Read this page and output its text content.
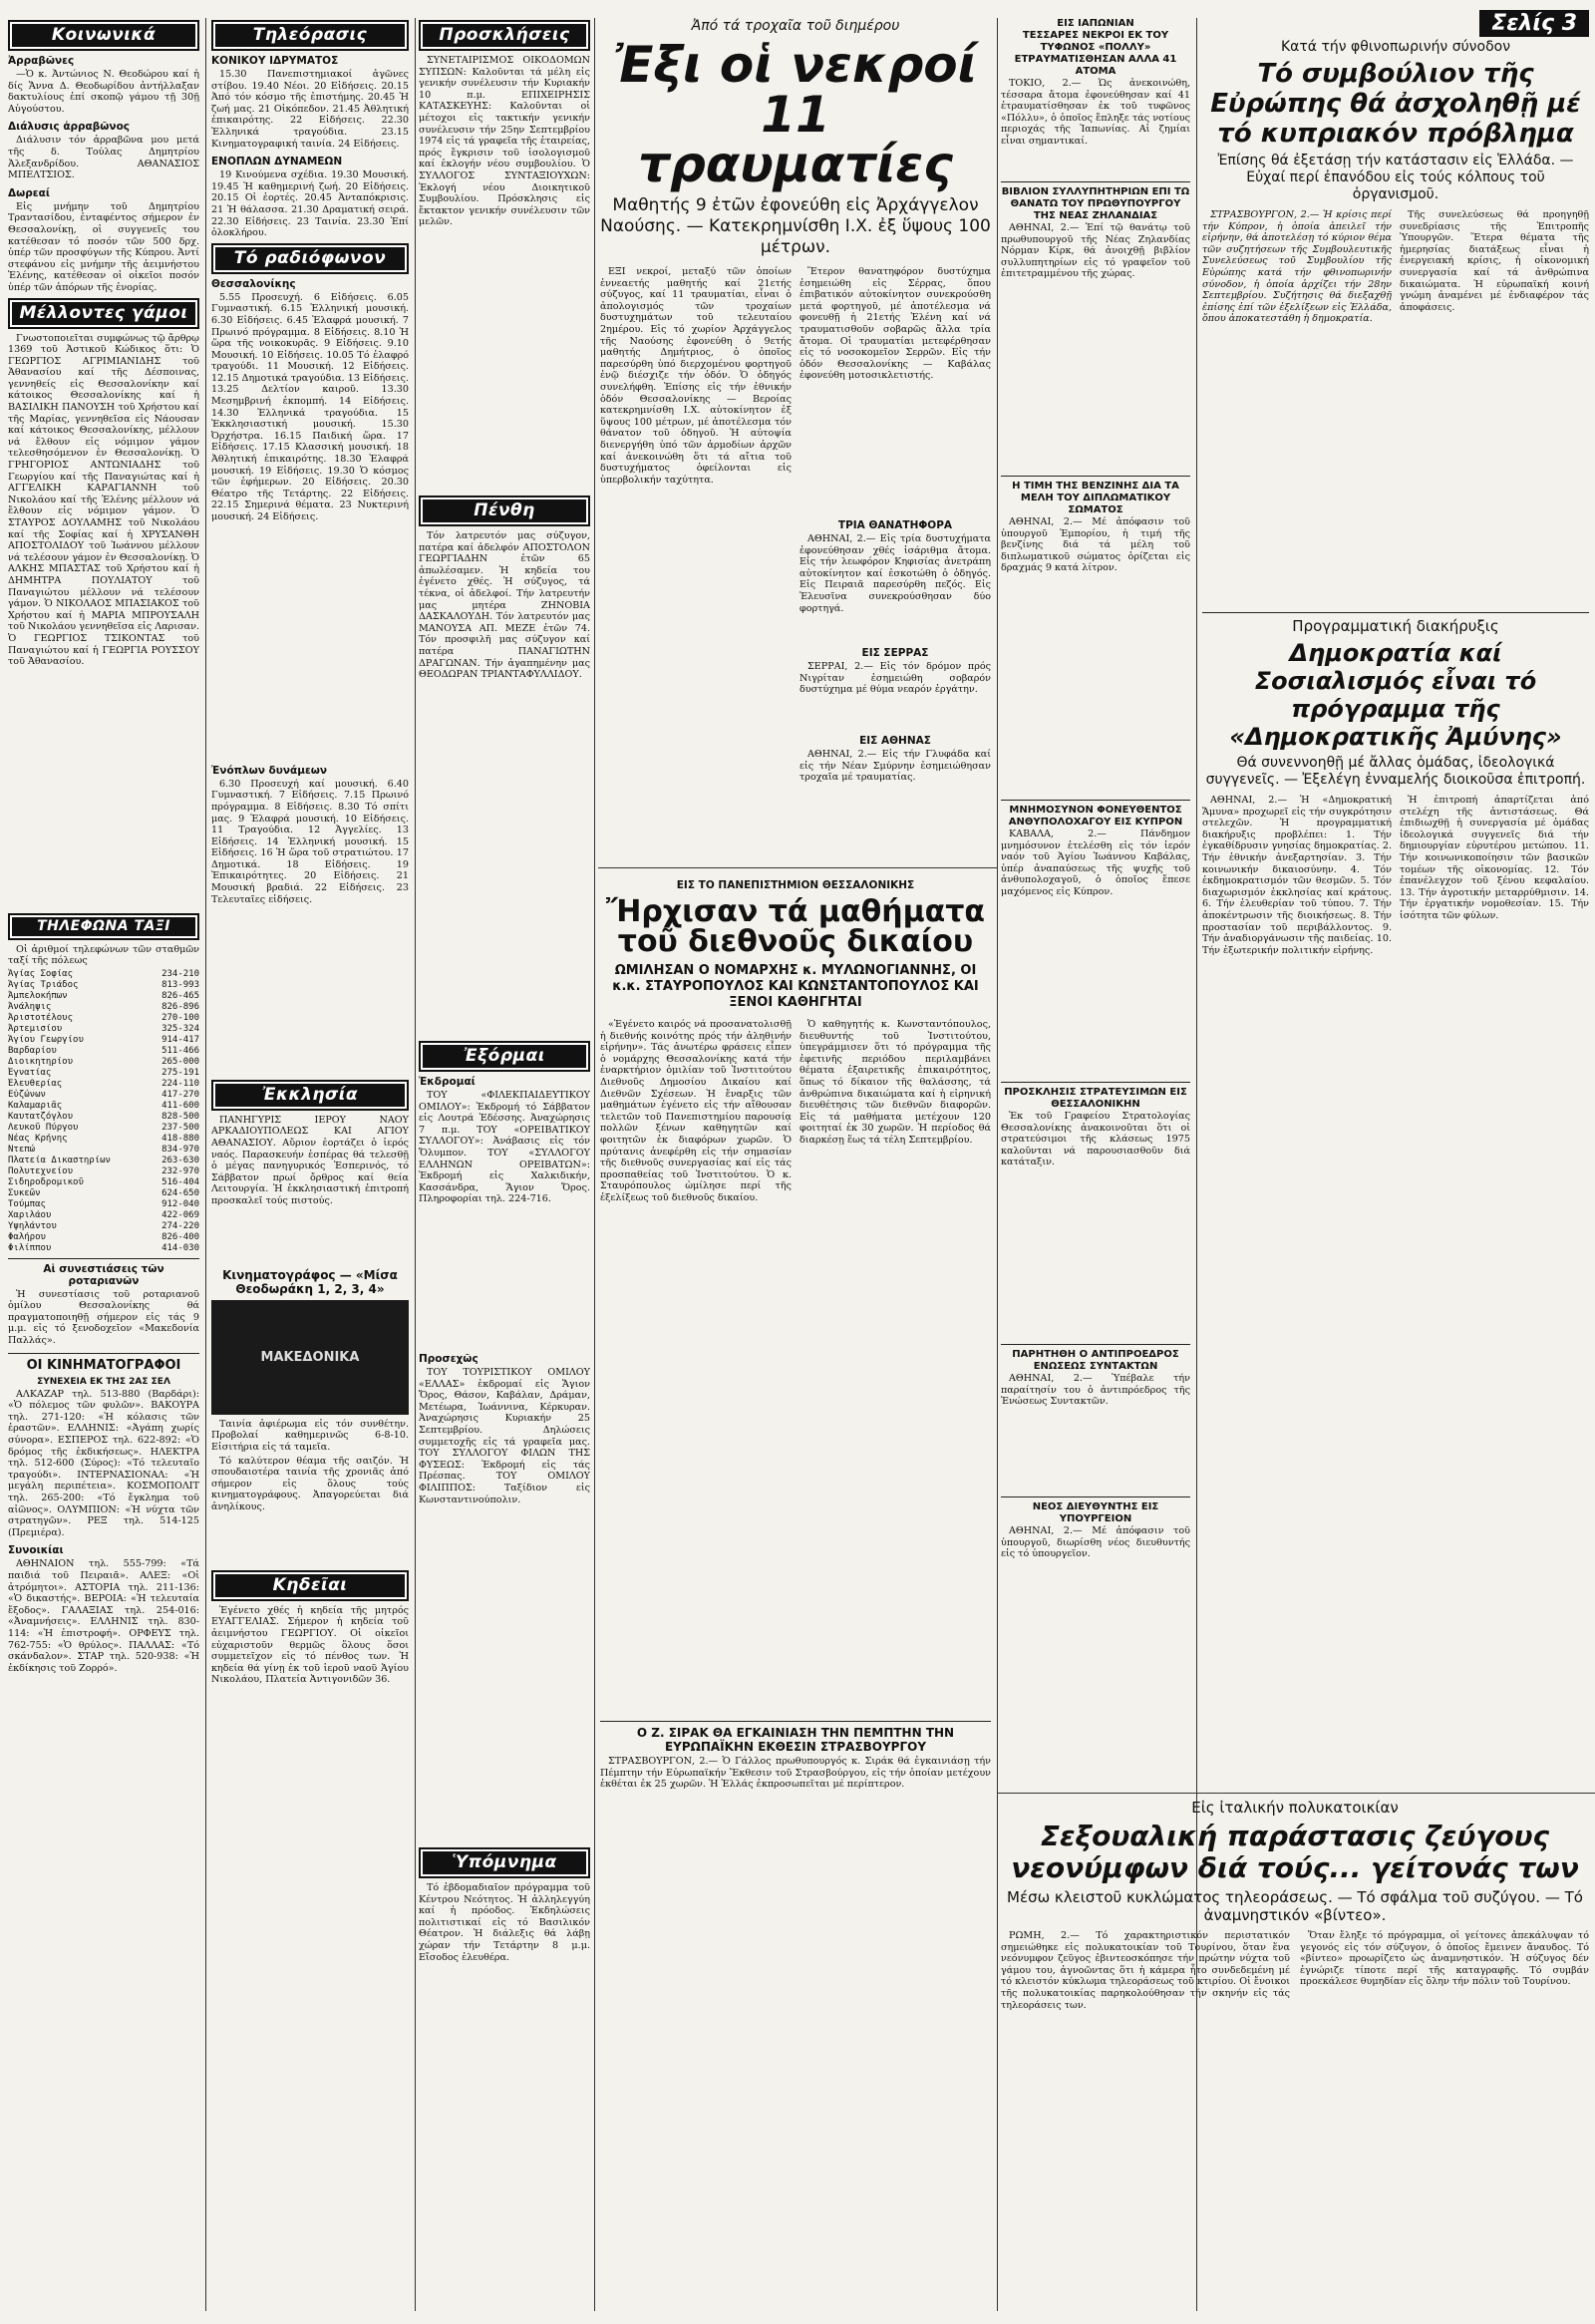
Κοινωνικά
Ἀρραβῶνες

—Ὁ κ. Ἀντώνιος Ν. Θεοδώρου καί ἡ δίς Ἄννα Δ. Θεοδωρίδου ἀντήλλαξαν δακτυλίους ἐπί σκοπῷ γάμου τῇ 30ῇ Αὐγούστου.

Διάλυσις ἀρραβῶνος

Διάλυσιν τόν ἀρραβῶνα μου μετά τῆς δ. Τούλας Δημητρίου Ἀλεξανδρίδου. ΑΘΑΝΑΣΙΟΣ ΜΠΕΛΤΣΙΟΣ.

Δωρεαί

Εἰς μνήμην τοῦ Δημητρίου Τραντασίδου, ἐνταφέντος σήμερον ἐν Θεσσαλονίκῃ, οἱ συγγενεῖς του κατέθεσαν τό ποσόν τῶν 500 δρχ. ὑπέρ τῶν προσφύγων τῆς Κύπρου. Ἀντί στεφάνου εἰς μνήμην τῆς ἀειμνήστου Ἑλένης, κατέθεσαν οἱ οἰκεῖοι ποσόν ὑπέρ τῶν ἀπόρων τῆς ἐνορίας.

Μέλλοντες γάμοι

Γνωστοποιεῖται συμφώνως τῷ ἄρθρῳ 1369 τοῦ Ἀστικοῦ Κώδικος ὅτι: Ὁ ΓΕΩΡΓΙΟΣ ΑΓΡΙΜΙΑΝΙΔΗΣ τοῦ Ἀθανασίου καί τῆς Δέσποινας, γεννηθείς εἰς Θεσσαλονίκην καί κάτοικος Θεσσαλονίκης καί ἡ ΒΑΣΙΛΙΚΗ ΠΑΝΟΥΣΗ τοῦ Χρήστου καί τῆς Μαρίας, γεννηθεῖσα εἰς Νάουσαν καί κάτοικος Θεσσαλονίκης, μέλλουν νά ἔλθουν εἰς νόμιμον γάμον τελεσθησόμενον ἐν Θεσσαλονίκῃ. Ὁ ΓΡΗΓΟΡΙΟΣ ΑΝΤΩΝΙΑΔΗΣ τοῦ Γεωργίου καί τῆς Παναγιώτας καί ἡ ΑΓΓΕΛΙΚΗ ΚΑΡΑΓΙΑΝΝΗ τοῦ Νικολάου καί τῆς Ἑλένης μέλλουν νά ἔλθουν εἰς νόμιμον γάμον. Ὁ ΣΤΑΥΡΟΣ ΔΟΥΛΑΜΗΣ τοῦ Νικολάου καί τῆς Σοφίας καί ἡ ΧΡΥΣΑΝΘΗ ΑΠΟΣΤΟΛΙΔΟΥ τοῦ Ἰωάννου μέλλουν νά τελέσουν γάμον ἐν Θεσσαλονίκῃ. Ὁ ΑΛΚΗΣ ΜΠΑΣΤΑΣ τοῦ Χρήστου καί ἡ ΔΗΜΗΤΡΑ ΠΟΥΛΙΑΤΟΥ τοῦ Παναγιώτου μέλλουν νά τελέσουν γάμον. Ὁ ΝΙΚΟΛΑΟΣ ΜΠΑΣΙΑΚΟΣ τοῦ Χρήστου καί ἡ ΜΑΡΙΑ ΜΠΡΟΥΣΑΛΗ τοῦ Νικολάου γεννηθεῖσα εἰς Λαρισαν. Ὁ ΓΕΩΡΓΙΟΣ ΤΣΙΚΟΝΤΑΣ τοῦ Παναγιώτου καί ἡ ΓΕΩΡΓΙΑ ΡΟΥΣΣΟΥ τοῦ Ἀθανασίου.

ΤΗΛΕΦΩΝΑ ΤΑΞΙ

Οἱ ἀριθμοί τηλεφώνων τῶν σταθμῶν ταξί τῆς πόλεως

Ἁγίας Σοφίας	234-210
Ἁγίας Τριάδος	813-993
Ἀμπελοκήπων	826-465
Ἀνάληψις	826-896
Ἀριστοτέλους	270-100
Ἀρτεμισίου	325-324
Ἁγίου Γεωργίου	914-417
Βαρδαρίου	511-466
Διοικητηρίου	265-000
Ἐγνατίας	275-191
Ἐλευθερίας	224-110
Εὐζώνων	417-270
Καλαμαριᾶς	411-600
Καυτατζόγλου	828-500
Λευκοῦ Πύργου	237-500
Νέας Κρήνης	418-880
Ντεπώ	834-970
Πλατεία Δικαστηρίων	263-630
Πολυτεχνείου	232-970
Σιδηροδρομικοῦ	516-404
Συκεῶν	624-650
Τούμπας	912-040
Χαριλάου	422-069
Ὑψηλάντου	274-220
Φαλήρου	826-400
Φιλίππου	414-030
Αἱ συνεστιάσεις τῶν ροταριανῶν

Ἡ συνεστίασις τοῦ ροταριανοῦ ὁμίλου Θεσσαλονίκης θά πραγματοποιηθῇ σήμερον εἰς τάς 9 μ.μ. εἰς τό ξενοδοχεῖον «Μακεδονία Παλλάς».

ΟΙ ΚΙΝΗΜΑΤΟΓΡΑΦΟΙ
ΣΥΝΕΧΕΙΑ ΕΚ ΤΗΣ 2ΑΣ ΣΕΛ

ΑΛΚΑΖΑΡ τηλ. 513-880 (Βαρδάρι): «Ὁ πόλεμος τῶν φυλῶν». ΒΑΚΟΥΡΑ τηλ. 271-120: «Ἡ κόλασις τῶν ἐραστῶν». ΕΛΛΗΝΙΣ: «Ἀγάπη χωρίς σύνορα». ΕΣΠΕΡΟΣ τηλ. 622-892: «Ὁ δρόμος τῆς ἐκδικήσεως». ΗΛΕΚΤΡΑ τηλ. 512-600 (Σύρος): «Τό τελευταῖο τραγούδι». ΙΝΤΕΡΝΑΣΙΟΝΑΛ: «Ἡ μεγάλη περιπέτεια». ΚΟΣΜΟΠΟΛΙΤ τηλ. 265-200: «Τό ἔγκλημα τοῦ αἰῶνος». ΟΛΥΜΠΙΟΝ: «Ἡ νύχτα τῶν στρατηγῶν». ΡΕΞ τηλ. 514-125 (Πρεμιέρα).

Συνοικίαι

ΑΘΗΝΑΙΟΝ τηλ. 555-799: «Τά παιδιά τοῦ Πειραιᾶ». ΑΛΕΞ: «Οἱ ἀτρόμητοι». ΑΣΤΟΡΙΑ τηλ. 211-136: «Ὁ δικαστής». ΒΕΡΟΙΑ: «Ἡ τελευταία ἔξοδος». ΓΑΛΑΞΙΑΣ τηλ. 254-016: «Ἀναμνήσεις». ΕΛΛΗΝΙΣ τηλ. 830-114: «Ἡ ἐπιστροφή». ΟΡΦΕΥΣ τηλ. 762-755: «Ὁ θρύλος». ΠΑΛΛΑΣ: «Τό σκάνδαλον». ΣΤΑΡ τηλ. 520-938: «Ἡ ἐκδίκησις τοῦ Ζορρό».

Τηλεόρασις
ΚΟΝΙΚΟΥ ΙΔΡΥΜΑΤΟΣ

15.30 Πανεπιστημιακοί ἀγῶνες στίβου. 19.40 Νέοι. 20 Εἰδήσεις. 20.15 Ἀπό τόν κόσμο τῆς ἐπιστήμης. 20.45 Ἡ ζωή μας. 21 Οἰκόπεδον. 21.45 Ἀθλητική ἐπικαιρότης. 22 Εἰδήσεις. 22.30 Ἑλληνικά τραγούδια. 23.15 Κινηματογραφική ταινία. 24 Εἰδήσεις.

ΕΝΟΠΛΩΝ ΔΥΝΑΜΕΩΝ

19 Κινούμενα σχέδια. 19.30 Μουσική. 19.45 Ἡ καθημερινή ζωή. 20 Εἰδήσεις. 20.15 Οἱ ἐορτές. 20.45 Ἀνταπόκρισις. 21 Ἡ θάλασσα. 21.30 Δραματική σειρά. 22.30 Εἰδήσεις. 23 Ταινία. 23.30 Ἐπί ὁλοκλήρου.

Τό ραδιόφωνον
Θεσσαλονίκης

5.55 Προσευχή. 6 Εἰδήσεις. 6.05 Γυμναστική. 6.15 Ἑλληνική μουσική. 6.30 Εἰδήσεις. 6.45 Ἐλαφρά μουσική. 7 Πρωινό πρόγραμμα. 8 Εἰδήσεις. 8.10 Ἡ ὥρα τῆς νοικοκυρᾶς. 9 Εἰδήσεις. 9.10 Μουσική. 10 Εἰδήσεις. 10.05 Τό ἐλαφρό τραγούδι. 11 Μουσική. 12 Εἰδήσεις. 12.15 Δημοτικά τραγούδια. 13 Εἰδήσεις. 13.25 Δελτίον καιροῦ. 13.30 Μεσημβρινή ἐκπομπή. 14 Εἰδήσεις. 14.30 Ἑλληνικά τραγούδια. 15 Ἐκκλησιαστική μουσική. 15.30 Ὀρχήστρα. 16.15 Παιδική ὥρα. 17 Εἰδήσεις. 17.15 Κλασσική μουσική. 18 Ἀθλητική ἐπικαιρότης. 18.30 Ἐλαφρά μουσική. 19 Εἰδήσεις. 19.30 Ὁ κόσμος τῶν ἐφήμερων. 20 Εἰδήσεις. 20.30 Θέατρο τῆς Τετάρτης. 22 Εἰδήσεις. 22.15 Σημερινά θέματα. 23 Νυκτερινή μουσική. 24 Εἰδήσεις.

Ἐνόπλων δυνάμεων

6.30 Προσευχή καί μουσική. 6.40 Γυμναστική. 7 Εἰδήσεις. 7.15 Πρωινό πρόγραμμα. 8 Εἰδήσεις. 8.30 Τό σπίτι μας. 9 Ἐλαφρά μουσική. 10 Εἰδήσεις. 11 Τραγούδια. 12 Ἀγγελίες. 13 Εἰδήσεις. 14 Ἑλληνική μουσική. 15 Εἰδήσεις. 16 Ἡ ὥρα τοῦ στρατιώτου. 17 Δημοτικά. 18 Εἰδήσεις. 19 Ἐπικαιρότητες. 20 Εἰδήσεις. 21 Μουσική βραδιά. 22 Εἰδήσεις. 23 Τελευταῖες εἰδήσεις.

Ἐκκλησία

ΠΑΝΗΓΥΡΙΣ ΙΕΡΟΥ ΝΑΟΥ ΑΡΚΑΔΙΟΥΠΟΛΕΩΣ ΚΑΙ ΑΓΙΟΥ ΑΘΑΝΑΣΙΟΥ. Αὔριον ἑορτάζει ὁ ἱερός ναός. Παρασκευήν ἑσπέρας θά τελεσθῇ ὁ μέγας πανηγυρικός Ἑσπερινός, τό Σάββατον πρωί ὄρθρος καί θεία Λειτουργία. Ἡ ἐκκλησιαστική ἐπιτροπή προσκαλεῖ τούς πιστούς.

Κινηματογράφος — «Μίσα Θεοδωράκη 1, 2, 3, 4»
ΜΑΚΕΔΟΝΙΚΑ

Ταινία ἀφιέρωμα εἰς τόν συνθέτην. Προβολαί καθημερινῶς 6-8-10. Εἰσιτήρια εἰς τά ταμεῖα.

Τό καλύτερον θέαμα τῆς σαιζόν. Ἡ σπουδαιοτέρα ταινία τῆς χρονιᾶς ἀπό σήμερον εἰς ὅλους τούς κινηματογράφους. Ἀπαγορεύεται διά ἀνηλίκους.

Κηδεῖαι

Ἐγένετο χθές ἡ κηδεία τῆς μητρός ΕΥΑΓΓΕΛΙΑΣ. Σήμερον ἡ κηδεία τοῦ ἀειμνήστου ΓΕΩΡΓΙΟΥ. Οἱ οἰκεῖοι εὐχαριστοῦν θερμῶς ὅλους ὅσοι συμμετεῖχον εἰς τό πένθος των. Ἡ κηδεία θά γίνῃ ἐκ τοῦ ἱεροῦ ναοῦ Ἁγίου Νικολάου, Πλατεία Ἀντιγονιδῶν 36.

Προσκλήσεις

ΣΥΝΕΤΑΙΡΙΣΜΟΣ ΟΙΚΟΔΟΜΩΝ ΣΥΠΣΩΝ: Καλοῦνται τά μέλη εἰς γενικήν συνέλευσιν τήν Κυριακήν 10 π.μ. ΕΠΙΧΕΙΡΗΣΙΣ ΚΑΤΑΣΚΕΥΗΣ: Καλοῦνται οἱ μέτοχοι εἰς τακτικήν γενικήν συνέλευσιν τήν 25ην Σεπτεμβρίου 1974 εἰς τά γραφεῖα τῆς ἑταιρείας, πρός ἔγκρισιν τοῦ ἰσολογισμοῦ καί ἐκλογήν νέου συμβουλίου. Ὁ ΣΥΛΛΟΓΟΣ ΣΥΝΤΑΞΙΟΥΧΩΝ: Ἐκλογή νέου Διοικητικοῦ Συμβουλίου. Πρόσκλησις εἰς ἔκτακτον γενικήν συνέλευσιν τῶν μελῶν.

Πένθη

Τόν λατρευτόν μας σύζυγον, πατέρα καί ἀδελφόν ΑΠΟΣΤΟΛΟΝ ΓΕΩΡΓΙΑΔΗΝ ἐτῶν 65 ἀπωλέσαμεν. Ἡ κηδεία του ἐγένετο χθές. Ἡ σύζυγος, τά τέκνα, οἱ ἀδελφοί. Τήν λατρευτήν μας μητέρα ΖΗΝΟΒΙΑ ΔΑΣΚΑΛΟΥΔΗ. Τόν λατρευτόν μας ΜΑΝΟΥΣΑ ΑΠ. ΜΕΖΕ ἐτῶν 74. Τόν προσφιλῆ μας σύζυγον καί πατέρα ΠΑΝΑΓΙΩΤΗΝ ΔΡΑΓΩΝΑΝ. Τήν ἀγαπημένην μας ΘΕΟΔΩΡΑΝ ΤΡΙΑΝΤΑΦΥΛΛΙΔΟΥ.

Ἐξόρμαι
Ἐκδρομαί

ΤΟΥ «ΦΙΛΕΚΠΑΙΔΕΥΤΙΚΟΥ ΟΜΙΛΟΥ»: Ἐκδρομή τό Σάββατον εἰς Λουτρά Ἐδέσσης. Ἀναχώρησις 7 π.μ. ΤΟΥ «ΟΡΕΙΒΑΤΙΚΟΥ ΣΥΛΛΟΓΟΥ»: Ἀνάβασις εἰς τόν Ὄλυμπον. ΤΟΥ «ΣΥΛΛΟΓΟΥ ΕΛΛΗΝΩΝ ΟΡΕΙΒΑΤΩΝ»: Ἐκδρομή εἰς Χαλκιδικήν, Κασσάνδρα, Ἅγιον Ὄρος. Πληροφορίαι τηλ. 224-716.

Προσεχῶς

ΤΟΥ ΤΟΥΡΙΣΤΙΚΟΥ ΟΜΙΛΟΥ «ΕΛΛΑΣ» ἐκδρομαί εἰς Ἄγιον Ὄρος, Θάσον, Καβάλαν, Δράμαν, Μετέωρα, Ἰωάννινα, Κέρκυραν. Ἀναχώρησις Κυριακήν 25 Σεπτεμβρίου. Δηλώσεις συμμετοχῆς εἰς τά γραφεῖα μας. ΤΟΥ ΣΥΛΛΟΓΟΥ ΦΙΛΩΝ ΤΗΣ ΦΥΣΕΩΣ: Ἐκδρομή εἰς τάς Πρέσπας. ΤΟΥ ΟΜΙΛΟΥ ΦΙΛΙΠΠΟΣ: Ταξίδιον εἰς Κωνσταντινούπολιν.

Ὑπόμνημα

Τό ἑβδομαδιαῖον πρόγραμμα τοῦ Κέντρου Νεότητος. Ἡ ἀλληλεγγύη καί ἡ πρόοδος. Ἐκδηλώσεις πολιτιστικαί εἰς τό Βασιλικόν Θέατρον. Ἡ διάλεξις θά λάβῃ χώραν τήν Τετάρτην 8 μ.μ. Εἴσοδος ἐλευθέρα.

Ἀπό τά τροχαῖα τοῦ διημέρου
Ἐξι οἱ νεκροί 11 τραυματίες
Μαθητής 9 ἐτῶν ἐφονεύθη εἰς Ἀρχάγγελον Ναούσης. — Κατεκρημνίσθη Ι.Χ. ἐξ ὕψους 100 μέτρων.

ΕΞΙ νεκροί, μεταξύ τῶν ὁποίων ἐννεαετής μαθητής καί 21ετής σύζυγος, καί 11 τραυματίαι, εἶναι ὁ ἀπολογισμός τῶν τροχαίων δυστυχημάτων τοῦ τελευταίου 2ημέρου. Εἰς τό χωρίον Ἀρχάγγελος τῆς Ναούσης ἐφονεύθη ὁ 9ετής μαθητής Δημήτριος, ὁ ὁποῖος παρεσύρθη ὑπό διερχομένου φορτηγοῦ ἐνῷ διέσχιζε τήν ὁδόν. Ὁ ὁδηγός συνελήφθη. Ἐπίσης εἰς τήν ἐθνικήν ὁδόν Θεσσαλονίκης — Βεροίας κατεκρημνίσθη Ι.Χ. αὐτοκίνητον ἐξ ὕψους 100 μέτρων, μέ ἀποτέλεσμα τόν θάνατον τοῦ ὁδηγοῦ. Ἡ αὐτοψία διενεργήθη ὑπό τῶν ἀρμοδίων ἀρχῶν καί ἀνεκοινώθη ὅτι τά αἴτια τοῦ δυστυχήματος ὀφείλονται εἰς ὑπερβολικήν ταχύτητα.

Ἕτερον θανατηφόρον δυστύχημα ἐσημειώθη εἰς Σέρρας, ὅπου ἐπιβατικόν αὐτοκίνητον συνεκρούσθη μετά φορτηγοῦ, μέ ἀποτέλεσμα νά φονευθῇ ἡ 21ετής Ἑλένη καί νά τραυματισθοῦν σοβαρῶς ἄλλα τρία ἄτομα. Οἱ τραυματίαι μετεφέρθησαν εἰς τό νοσοκομεῖον Σερρῶν. Εἰς τήν ὁδόν Θεσσαλονίκης — Καβάλας ἐφονεύθη μοτοσικλετιστής.

ΤΡΙΑ ΘΑΝΑΤΗΦΟΡΑ

ΑΘΗΝΑΙ, 2.— Εἰς τρία δυστυχήματα ἐφονεύθησαν χθές ἰσάριθμα ἄτομα. Εἰς τήν λεωφόρον Κηφισίας ἀνετράπη αὐτοκίνητον καί ἐσκοτώθη ὁ ὁδηγός. Εἰς Πειραιᾶ παρεσύρθη πεζός. Εἰς Ἐλευσῖνα συνεκρούσθησαν δύο φορτηγά.

ΕΙΣ ΣΕΡΡΑΣ

ΣΕΡΡΑΙ, 2.— Εἰς τόν δρόμον πρός Νιγρίταν ἐσημειώθη σοβαρόν δυστύχημα μέ θύμα νεαρόν ἐργάτην.

ΕΙΣ ΑΘΗΝΑΣ

ΑΘΗΝΑΙ, 2.— Εἰς τήν Γλυφάδα καί εἰς τήν Νέαν Σμύρνην ἐσημειώθησαν τροχαῖα μέ τραυματίας.

ΕΙΣ ΤΟ ΠΑΝΕΠΙΣΤΗΜΙΟΝ ΘΕΣΣΑΛΟΝΙΚΗΣ
Ἤρχισαν τά μαθήματα τοῦ διεθνοῦς δικαίου
ΩΜΙΛΗΣΑΝ Ο ΝΟΜΑΡΧΗΣ κ. ΜΥΛΩΝΟΓΙΑΝΝΗΣ, ΟΙ κ.κ. ΣΤΑΥΡΟΠΟΥΛΟΣ ΚΑΙ ΚΩΝΣΤΑΝΤΟΠΟΥΛΟΣ ΚΑΙ ΞΕΝΟΙ ΚΑΘΗΓΗΤΑΙ

«Ἐγένετο καιρός νά προσανατολισθῇ ἡ διεθνής κοινότης πρός τήν ἀληθινήν εἰρήνην». Τάς ἀνωτέρω φράσεις εἶπεν ὁ νομάρχης Θεσσαλονίκης κατά τήν ἐναρκτήριον ὁμιλίαν τοῦ Ἰνστιτούτου Διεθνοῦς Δημοσίου Δικαίου καί Διεθνῶν Σχέσεων. Ἡ ἔναρξις τῶν μαθημάτων ἐγένετο εἰς τήν αἴθουσαν τελετῶν τοῦ Πανεπιστημίου παρουσίᾳ πολλῶν ξένων καθηγητῶν καί φοιτητῶν ἐκ διαφόρων χωρῶν. Ὁ πρύτανις ἀνεφέρθη εἰς τήν σημασίαν τῆς διεθνοῦς συνεργασίας καί εἰς τάς προσπαθείας τοῦ Ἰνστιτούτου. Ὁ κ. Σταυρόπουλος ὡμίλησε περί τῆς ἐξελίξεως τοῦ διεθνοῦς δικαίου.

Ὁ καθηγητής κ. Κωνσταντόπουλος, διευθυντής τοῦ Ἰνστιτούτου, ὑπεγράμμισεν ὅτι τό πρόγραμμα τῆς ἐφετινῆς περιόδου περιλαμβάνει θέματα ἐξαιρετικῆς ἐπικαιρότητος, ὅπως τό δίκαιον τῆς θαλάσσης, τά ἀνθρώπινα δικαιώματα καί ἡ εἰρηνική διευθέτησις τῶν διεθνῶν διαφορῶν. Εἰς τά μαθήματα μετέχουν 120 φοιτηταί ἐκ 30 χωρῶν. Ἡ περίοδος θά διαρκέσῃ ἕως τά τέλη Σεπτεμβρίου.

Ο Ζ. ΣΙΡΑΚ ΘΑ ΕΓΚΑΙΝΙΑΣΗ ΤΗΝ ΠΕΜΠΤΗΝ ΤΗΝ ΕΥΡΩΠΑΪΚΗΝ ΕΚΘΕΣΙΝ ΣΤΡΑΣΒΟΥΡΓΟΥ

ΣΤΡΑΣΒΟΥΡΓΟΝ, 2.— Ὁ Γάλλος πρωθυπουργός κ. Σιράκ θά ἐγκαινιάσῃ τήν Πέμπτην τήν Εὐρωπαϊκήν Ἔκθεσιν τοῦ Στρασβούργου, εἰς τήν ὁποίαν μετέχουν ἐκθέται ἐκ 25 χωρῶν. Ἡ Ἑλλάς ἐκπροσωπεῖται μέ περίπτερον.

ΕΙΣ ΙΑΠΩΝΙΑΝ
ΤΕΣΣΑΡΕΣ ΝΕΚΡΟΙ ΕΚ ΤΟΥ ΤΥΦΩΝΟΣ «ΠΟΛΛΥ»
ΕΤΡΑΥΜΑΤΙΣΘΗΣΑΝ ΑΛΛΑ 41 ΑΤΟΜΑ

ΤΟΚΙΟ, 2.— Ὡς ἀνεκοινώθη, τέσσαρα ἄτομα ἐφονεύθησαν καί 41 ἐτραυματίσθησαν ἐκ τοῦ τυφῶνος «Πόλλυ», ὁ ὁποῖος ἔπληξε τάς νοτίους περιοχάς τῆς Ἰαπωνίας. Αἱ ζημίαι εἶναι σημαντικαί.

ΒΙΒΛΙΟΝ ΣΥΛΛΥΠΗΤΗΡΙΩΝ ΕΠΙ ΤΩ ΘΑΝΑΤΩ ΤΟΥ ΠΡΩΘΥΠΟΥΡΓΟΥ ΤΗΣ ΝΕΑΣ ΖΗΛΑΝΔΙΑΣ

ΑΘΗΝΑΙ, 2.— Ἐπί τῷ θανάτῳ τοῦ πρωθυπουργοῦ τῆς Νέας Ζηλανδίας Νόρμαν Κίρκ, θά ἀνοιχθῇ βιβλίον συλλυπητηρίων εἰς τό γραφεῖον τοῦ ἐπιτετραμμένου τῆς χώρας.

Η ΤΙΜΗ ΤΗΣ ΒΕΝΖΙΝΗΣ ΔΙΑ ΤΑ ΜΕΛΗ ΤΟΥ ΔΙΠΛΩΜΑΤΙΚΟΥ ΣΩΜΑΤΟΣ

ΑΘΗΝΑΙ, 2.— Μέ ἀπόφασιν τοῦ ὑπουργοῦ Ἐμπορίου, ἡ τιμή τῆς βενζίνης διά τά μέλη τοῦ διπλωματικοῦ σώματος ὁρίζεται εἰς δραχμάς 9 κατά λίτρον.

ΜΝΗΜΟΣΥΝΟΝ ΦΟΝΕΥΘΕΝΤΟΣ ΑΝΘΥΠΟΛΟΧΑΓΟΥ ΕΙΣ ΚΥΠΡΟΝ

ΚΑΒΑΛΑ, 2.— Πάνδημον μνημόσυνον ἐτελέσθη εἰς τόν ἱερόν ναόν τοῦ Ἁγίου Ἰωάννου Καβάλας, ὑπέρ ἀναπαύσεως τῆς ψυχῆς τοῦ ἀνθυπολοχαγοῦ, ὁ ὁποῖος ἔπεσε μαχόμενος εἰς Κύπρον.

ΠΡΟΣΚΛΗΣΙΣ ΣΤΡΑΤΕΥΣΙΜΩΝ ΕΙΣ ΘΕΣΣΑΛΟΝΙΚΗΝ

Ἐκ τοῦ Γραφείου Στρατολογίας Θεσσαλονίκης ἀνακοινοῦται ὅτι οἱ στρατεύσιμοι τῆς κλάσεως 1975 καλοῦνται νά παρουσιασθοῦν διά κατάταξιν.

ΠΑΡΗΤΗΘΗ Ο ΑΝΤΙΠΡΟΕΔΡΟΣ ΕΝΩΣΕΩΣ ΣΥΝΤΑΚΤΩΝ

ΑΘΗΝΑΙ, 2.— Ὑπέβαλε τήν παραίτησίν του ὁ ἀντιπρόεδρος τῆς Ἑνώσεως Συντακτῶν.

ΝΕΟΣ ΔΙΕΥΘΥΝΤΗΣ ΕΙΣ ΥΠΟΥΡΓΕΙΟΝ

ΑΘΗΝΑΙ, 2.— Μέ ἀπόφασιν τοῦ ὑπουργοῦ, διωρίσθη νέος διευθυντής εἰς τό ὑπουργεῖον.

Σελίς 3
Κατά τήν φθινοπωρινήν σύνοδον
Τό συμβούλιον τῆς Εὐρώπης θά ἀσχοληθῇ μέ τό κυπριακόν πρόβλημα
Ἐπίσης θά ἐξετάσῃ τήν κατάστασιν εἰς Ἑλλάδα. — Εὐχαί περί ἐπανόδου εἰς τούς κόλπους τοῦ ὀργανισμοῦ.

ΣΤΡΑΣΒΟΥΡΓΟΝ, 2.— Ἡ κρίσις περί τήν Κύπρον, ἡ ὁποία ἀπειλεῖ τήν εἰρήνην, θά ἀποτελέσῃ τό κύριον θέμα τῶν συζητήσεων τῆς Συμβουλευτικῆς Συνελεύσεως τοῦ Συμβουλίου τῆς Εὐρώπης κατά τήν φθινοπωρινήν σύνοδον, ἡ ὁποία ἀρχίζει τήν 28ην Σεπτεμβρίου. Συζήτησις θά διεξαχθῇ ἐπίσης ἐπί τῶν ἐξελίξεων εἰς Ἑλλάδα, ὅπου ἀποκατεστάθη ἡ δημοκρατία.

Τῆς συνελεύσεως θά προηγηθῇ συνεδρίασις τῆς Ἐπιτροπῆς Ὑπουργῶν. Ἕτερα θέματα τῆς ἡμερησίας διατάξεως εἶναι ἡ ἐνεργειακή κρίσις, ἡ οἰκονομική συνεργασία καί τά ἀνθρώπινα δικαιώματα. Ἡ εὐρωπαϊκή κοινή γνώμη ἀναμένει μέ ἐνδιαφέρον τάς ἀποφάσεις.

Προγραμματική διακήρυξις
Δημοκρατία καί Σοσιαλισμός εἶναι τό πρόγραμμα τῆς «Δημοκρατικῆς Ἀμύνης»
Θά συνεννοηθῇ μέ ἄλλας ὁμάδας, ἰδεολογικά συγγενεῖς. — Ἐξελέγη ἐνναμελής διοικοῦσα ἐπιτροπή.

ΑΘΗΝΑΙ, 2.— Ἡ «Δημοκρατική Ἄμυνα» προχωρεῖ εἰς τήν συγκρότησιν στελεχῶν. Ἡ προγραμματική διακήρυξις προβλέπει: 1. Τήν ἐγκαθίδρυσιν γνησίας δημοκρατίας. 2. Τήν ἐθνικήν ἀνεξαρτησίαν. 3. Τήν κοινωνικήν δικαιοσύνην. 4. Τόν ἐκδημοκρατισμόν τῶν θεσμῶν. 5. Τόν διαχωρισμόν ἐκκλησίας καί κράτους. 6. Τήν ἐλευθερίαν τοῦ τύπου. 7. Τήν ἀποκέντρωσιν τῆς διοικήσεως. 8. Τήν προστασίαν τοῦ περιβάλλοντος. 9. Τήν ἀναδιοργάνωσιν τῆς παιδείας. 10. Τήν ἐξωτερικήν πολιτικήν εἰρήνης.

Ἡ ἐπιτροπή ἀπαρτίζεται ἀπό στελέχη τῆς ἀντιστάσεως. Θά ἐπιδιωχθῇ ἡ συνεργασία μέ ὁμάδας ἰδεολογικά συγγενεῖς διά τήν δημιουργίαν εὐρυτέρου μετώπου. 11. Τήν κοινωνικοποίησιν τῶν βασικῶν τομέων τῆς οἰκονομίας. 12. Τόν ἐπανέλεγχον τοῦ ξένου κεφαλαίου. 13. Τήν ἀγροτικήν μεταρρύθμισιν. 14. Τήν ἐργατικήν νομοθεσίαν. 15. Τήν ἰσότητα τῶν φύλων.

Εἰς ἰταλικήν πολυκατοικίαν
Σεξουαλική παράστασις ζεύγους νεονύμφων διά τούς... γείτονάς των
Μέσω κλειστοῦ κυκλώματος τηλεοράσεως. — Τό σφάλμα τοῦ συζύγου. — Τό ἀναμνηστικόν «βίντεο».

ΡΩΜΗ, 2.— Τό χαρακτηριστικόν περιστατικόν σημειώθηκε εἰς πολυκατοικίαν τοῦ Τουρίνου, ὅταν ἕνα νεόνυμφον ζεῦγος ἐβιντεοσκόπησε τήν πρώτην νύχτα τοῦ γάμου του, ἀγνοῶντας ὅτι ἡ κάμερα ἦτο συνδεδεμένη μέ τό κλειστόν κύκλωμα τηλεοράσεως τοῦ κτιρίου. Οἱ ἔνοικοι τῆς πολυκατοικίας παρηκολούθησαν τήν σκηνήν εἰς τάς τηλεοράσεις των.

Ὅταν ἔληξε τό πρόγραμμα, οἱ γείτονες ἀπεκάλυψαν τό γεγονός εἰς τόν σύζυγον, ὁ ὁποῖος ἔμεινεν ἄναυδος. Τό «βίντεο» προωρίζετο ὡς ἀναμνηστικόν. Ἡ σύζυγος δέν ἐγνώριζε τίποτε περί τῆς καταγραφῆς. Τό συμβάν προεκάλεσε θυμηδίαν εἰς ὅλην τήν πόλιν τοῦ Τουρίνου.
